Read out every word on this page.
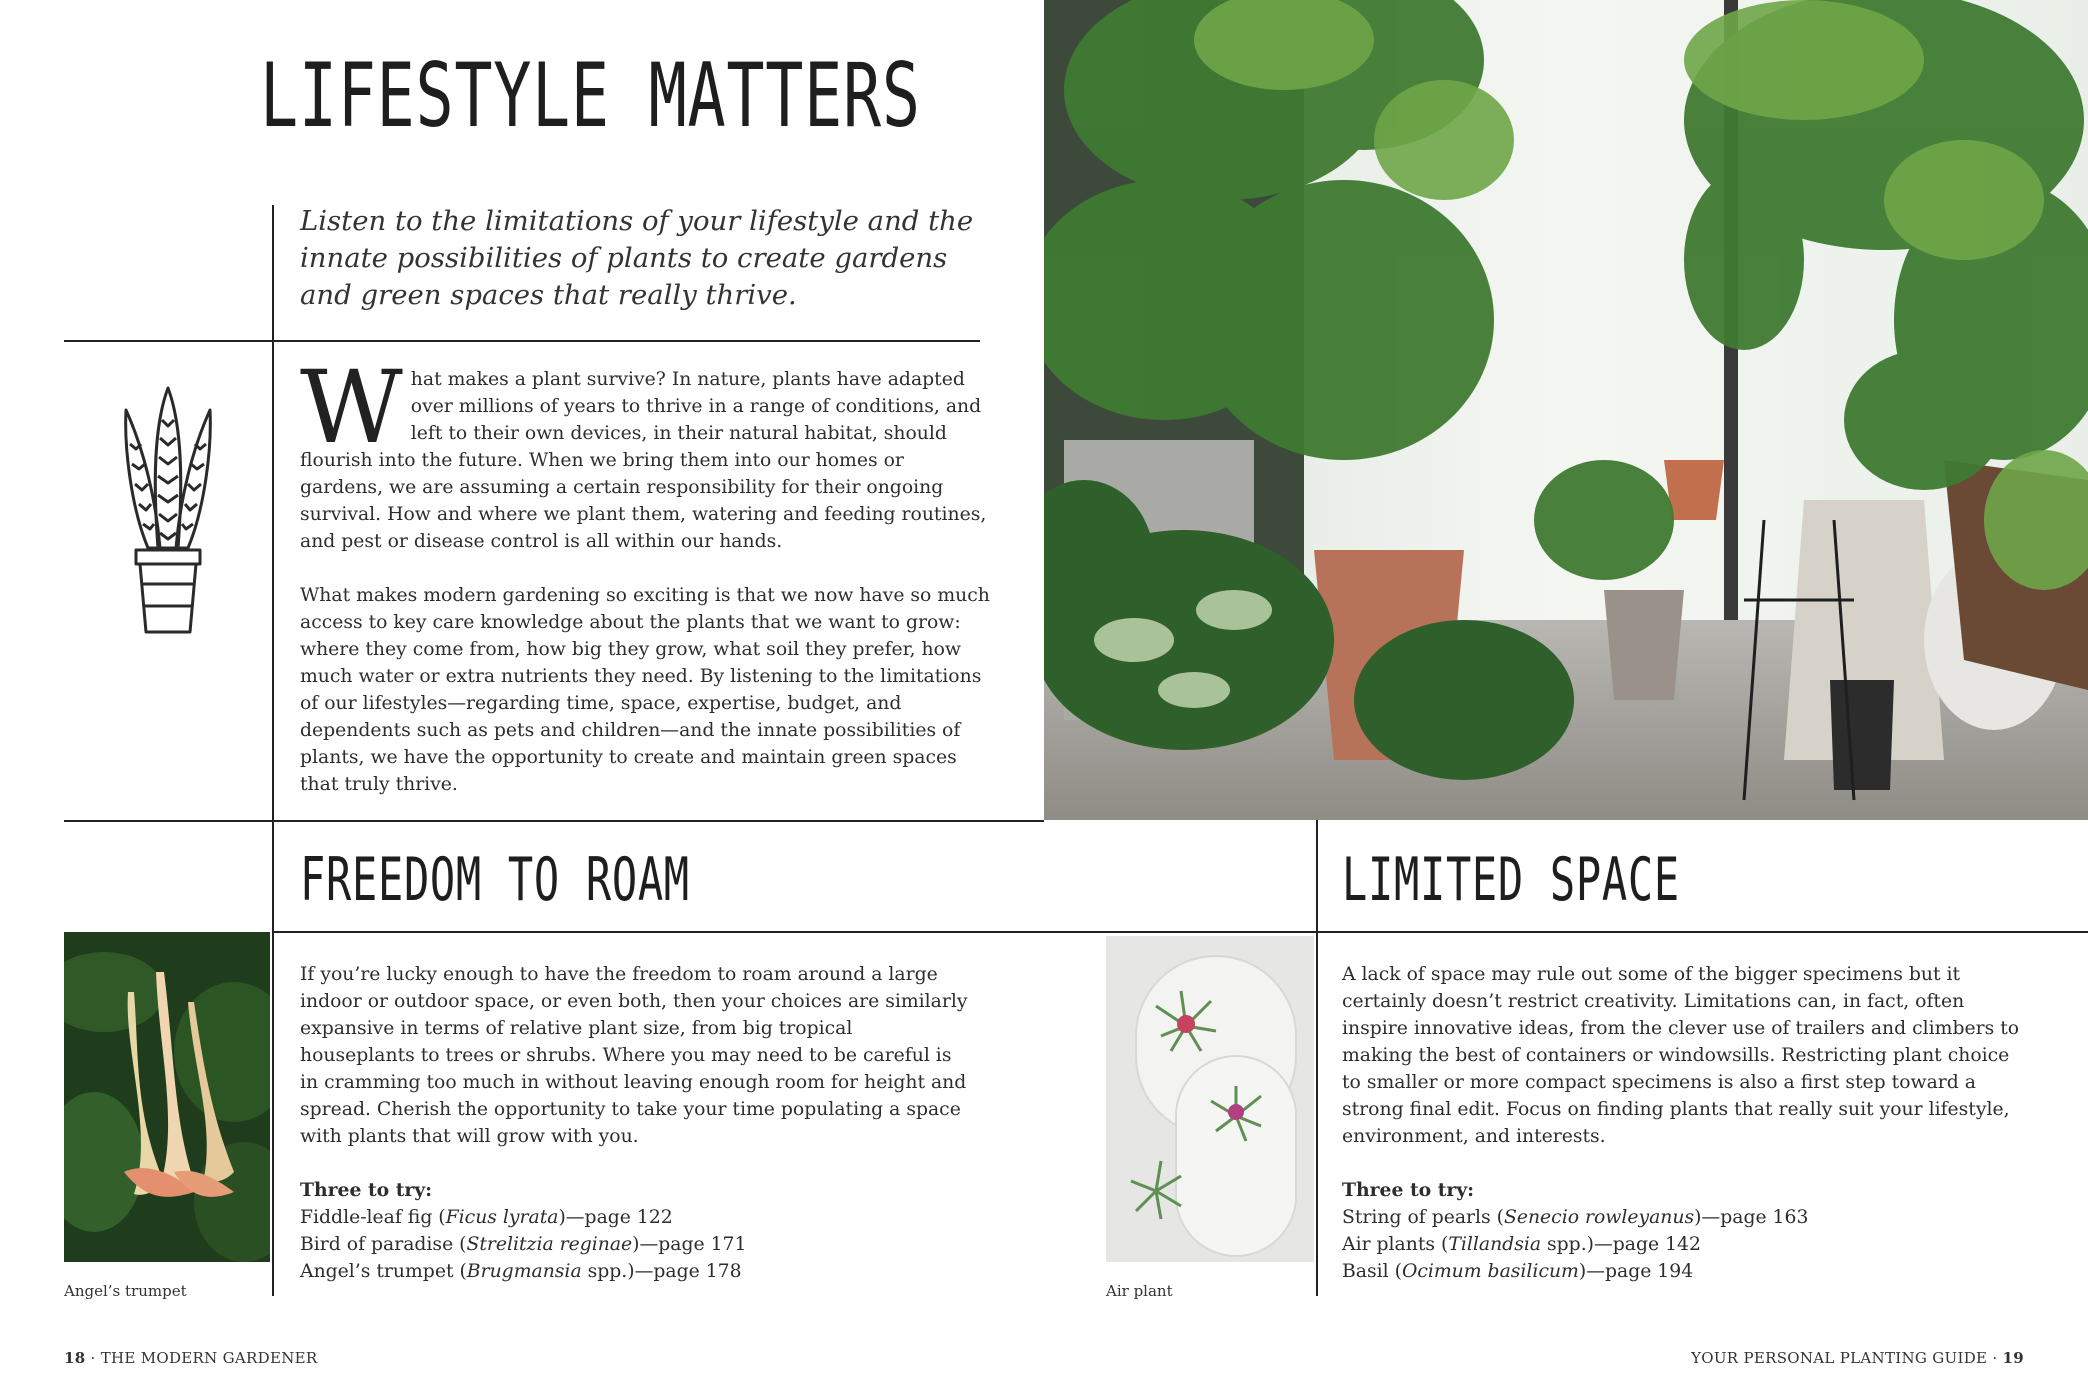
LIFESTYLE MATTERS

Listen to the limitations of your lifestyle and the innate possibilities of plants to create gardens and green spaces that really thrive.

What makes a plant survive? In nature, plants have adapted over millions of years to thrive in a range of conditions, and left to their own devices, in their natural habitat, should flourish into the future. When we bring them into our homes or gardens, we are assuming a certain responsibility for their ongoing survival. How and where we plant them, watering and feeding routines, and pest or disease control is all within our hands.

What makes modern gardening so exciting is that we now have so much access to key care knowledge about the plants that we want to grow: where they come from, how big they grow, what soil they prefer, how much water or extra nutrients they need. By listening to the limitations of our lifestyles—regarding time, space, expertise, budget, and dependents such as pets and children—and the innate possibilities of plants, we have the opportunity to create and maintain green spaces that truly thrive.

FREEDOM TO ROAM	LIMITED SPACE

If you’re lucky enough to have the freedom to roam around a large indoor or outdoor space, or even both, then your choices are similarly expansive in terms of relative plant size, from big tropical houseplants to trees or shrubs. Where you may need to be careful is in cramming too much in without leaving enough room for height and spread. Cherish the opportunity to take your time populating a space with plants that will grow with you.

Three to try:
Fiddle-leaf fig (Ficus lyrata)—page 122
Bird of paradise (Strelitzia reginae)—page 171
Angel’s trumpet (Brugmansia spp.)—page 178

A lack of space may rule out some of the bigger specimens but it certainly doesn’t restrict creativity. Limitations can, in fact, often inspire innovative ideas, from the clever use of trailers and climbers to making the best of containers or windowsills. Restricting plant choice to smaller or more compact specimens is also a first step toward a strong final edit. Focus on finding plants that really suit your lifestyle, environment, and interests.

Three to try:
String of pearls (Senecio rowleyanus)—page 163
Air plants (Tillandsia spp.)—page 142
Basil (Ocimum basilicum)—page 194
Angel’s trumpet	Air plant
18 · THE MODERN GARDENER	YOUR PERSONAL PLANTING GUIDE · 19
